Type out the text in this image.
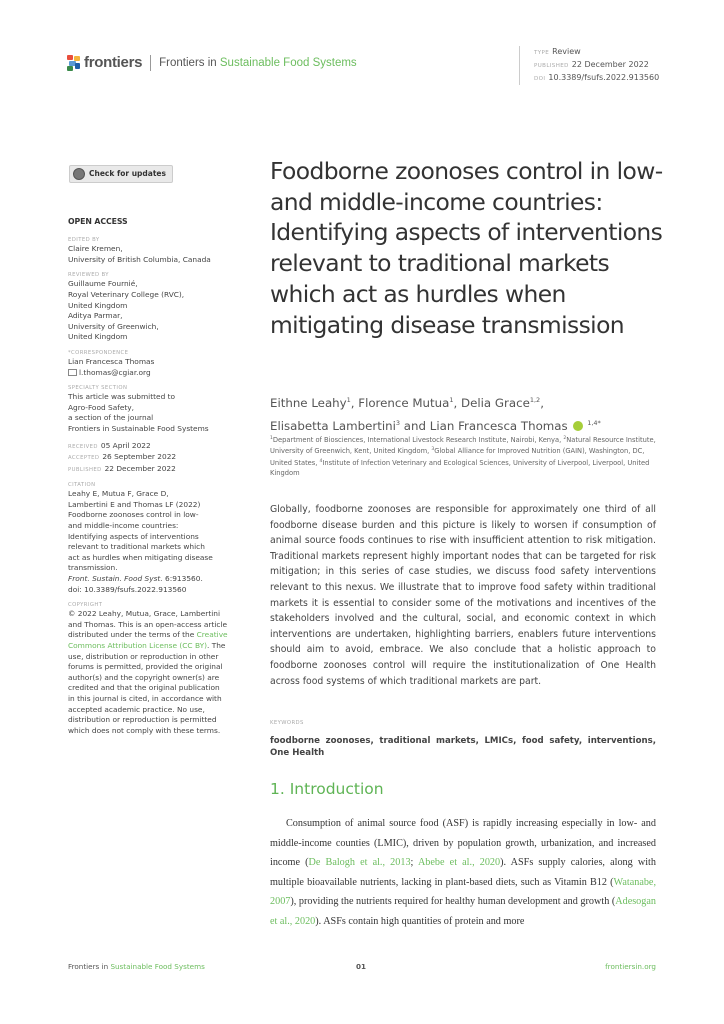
frontiers Frontiers in Sustainable Food Systems
TYPE Review
PUBLISHED 22 December 2022
DOI 10.3389/fsufs.2022.913560
Check for updates
OPEN ACCESS
EDITED BY
Claire Kremen,
University of British Columbia, Canada
REVIEWED BY
Guillaume Fournié,
Royal Veterinary College (RVC),
United Kingdom
Aditya Parmar,
University of Greenwich,
United Kingdom
*CORRESPONDENCE
Lian Francesca Thomas
l.thomas@cgiar.org
SPECIALTY SECTION
This article was submitted to
Agro-Food Safety,
a section of the journal
Frontiers in Sustainable Food Systems
RECEIVED 05 April 2022
ACCEPTED 26 September 2022
PUBLISHED 22 December 2022
CITATION
Leahy E, Mutua F, Grace D,
Lambertini E and Thomas LF (2022)
Foodborne zoonoses control in low-
and middle-income countries:
Identifying aspects of interventions
relevant to traditional markets which
act as hurdles when mitigating disease
transmission.
Front. Sustain. Food Syst. 6:913560.
doi: 10.3389/fsufs.2022.913560
COPYRIGHT
© 2022 Leahy, Mutua, Grace, Lambertini and Thomas. This is an open-access article distributed under the terms of the Creative Commons Attribution License (CC BY). The use, distribution or reproduction in other forums is permitted, provided the original author(s) and the copyright owner(s) are credited and that the original publication in this journal is cited, in accordance with accepted academic practice. No use, distribution or reproduction is permitted which does not comply with these terms.
Foodborne zoonoses control in low- and middle-income countries: Identifying aspects of interventions relevant to traditional markets which act as hurdles when mitigating disease transmission
Eithne Leahy$^1$, Florence Mutua$^1$, Delia Grace$^{1,2}$,
Elisabetta Lambertini$^3$ and Lian Francesca Thomas	$^{1,4*}$
$^1$Department of Biosciences, International Livestock Research Institute, Nairobi, Kenya, $^2$Natural Resource Institute, University of Greenwich, Kent, United Kingdom, $^3$Global Alliance for Improved Nutrition (GAIN), Washington, DC, United States, $^4$Institute of Infection Veterinary and Ecological Sciences, University of Liverpool, Liverpool, United Kingdom
Globally, foodborne zoonoses are responsible for approximately one third of all foodborne disease burden and this picture is likely to worsen if consumption of animal source foods continues to rise with insufficient attention to risk mitigation. Traditional markets represent highly important nodes that can be targeted for risk mitigation; in this series of case studies, we discuss food safety interventions relevant to this nexus. We illustrate that to improve food safety within traditional markets it is essential to consider some of the motivations and incentives of the stakeholders involved and the cultural, social, and economic context in which interventions are undertaken, highlighting barriers, enablers future interventions should aim to avoid, embrace. We also conclude that a holistic approach to foodborne zoonoses control will require the institutionalization of One Health across food systems of which traditional markets are part.
KEYWORDS
foodborne zoonoses, traditional markets, LMICs, food safety, interventions, One Health
1. Introduction
Consumption of animal source food (ASF) is rapidly increasing especially in low- and middle-income counties (LMIC), driven by population growth, urbanization, and increased income (De Balogh et al., 2013; Abebe et al., 2020). ASFs supply calories, along with multiple bioavailable nutrients, lacking in plant-based diets, such as Vitamin B12 (Watanabe, 2007), providing the nutrients required for healthy human development and growth (Adesogan et al., 2020). ASFs contain high quantities of protein and more
Frontiers in Sustainable Food Systems	01	frontiersin.org
